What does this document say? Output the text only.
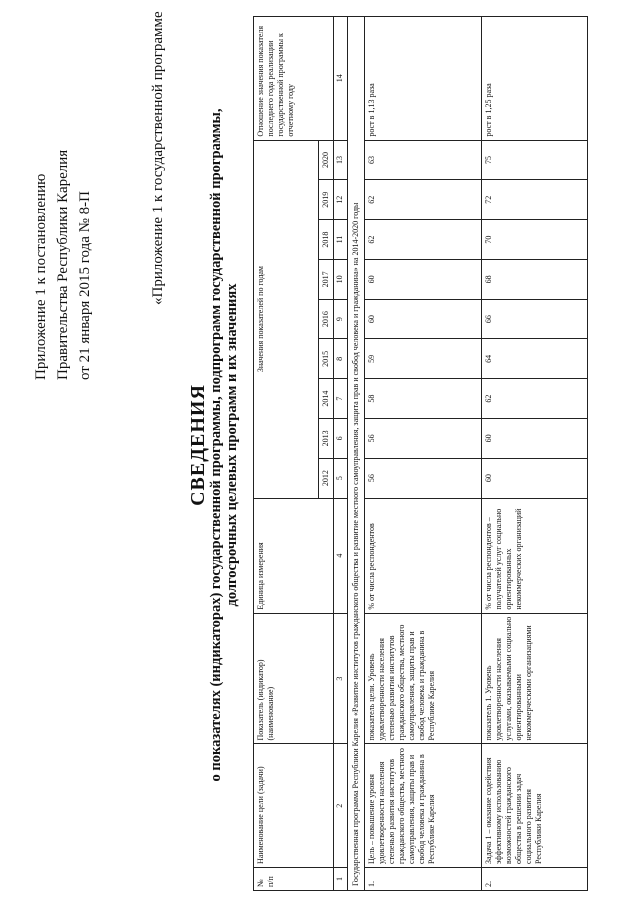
Приложение 1 к постановлению Правительства Республики Карелия от 21 января 2015 года № 8-П	«Приложение 1 к государственной программе
СВЕДЕНИЯ о показателях (индикаторах) государственной программы, подпрограмм государственной программы, долгосрочных целевых программ и их значениях
№ п/п	Наименование цели (задачи)	Показатель (индикатор) (наименование)	Единица измерения	Значения показателей по годам									Отношение значения показателя последнего года реализации государственной программы к отчетному году
				2012	2013	2014	2015	2016	2017	2018	2019	2020	
1	2	3	4	5	6	7	8	9	10	11	12	13	14
Государственная программа Республики Карелия «Развитие институтов гражданского общества и развитие местного самоуправления, защита прав и свобод человека и гражданина» на 2014-2020 годы													
1.	Цель – повышение уровня удовлетворенности населения степенью развития институтов гражданского общества, местного самоуправления, защиты прав и свобод человека и гражданина в Республике Карелия	показатель цели. Уровень удовлетворенности населения степенью развития институтов гражданского общества, местного самоуправления, защиты прав и свобод человека и гражданина в Республике Карелия	% от числа респондентов	56	56	58	59	60	60	62	62	63	рост в 1,13 раза
2.	Задача 1 – оказание содействия эффективному использованию возможностей гражданского общества в решении задач социального развития Республики Карелия	показатель 1. Уровень удовлетворенности населения услугами, оказываемыми социально ориентированными некоммерческими организациями	% от числа респондентов – получателей услуг социально ориентированных некоммерческих организаций	60	60	62	64	66	68	70	72	75	рост в 1,25 раза
